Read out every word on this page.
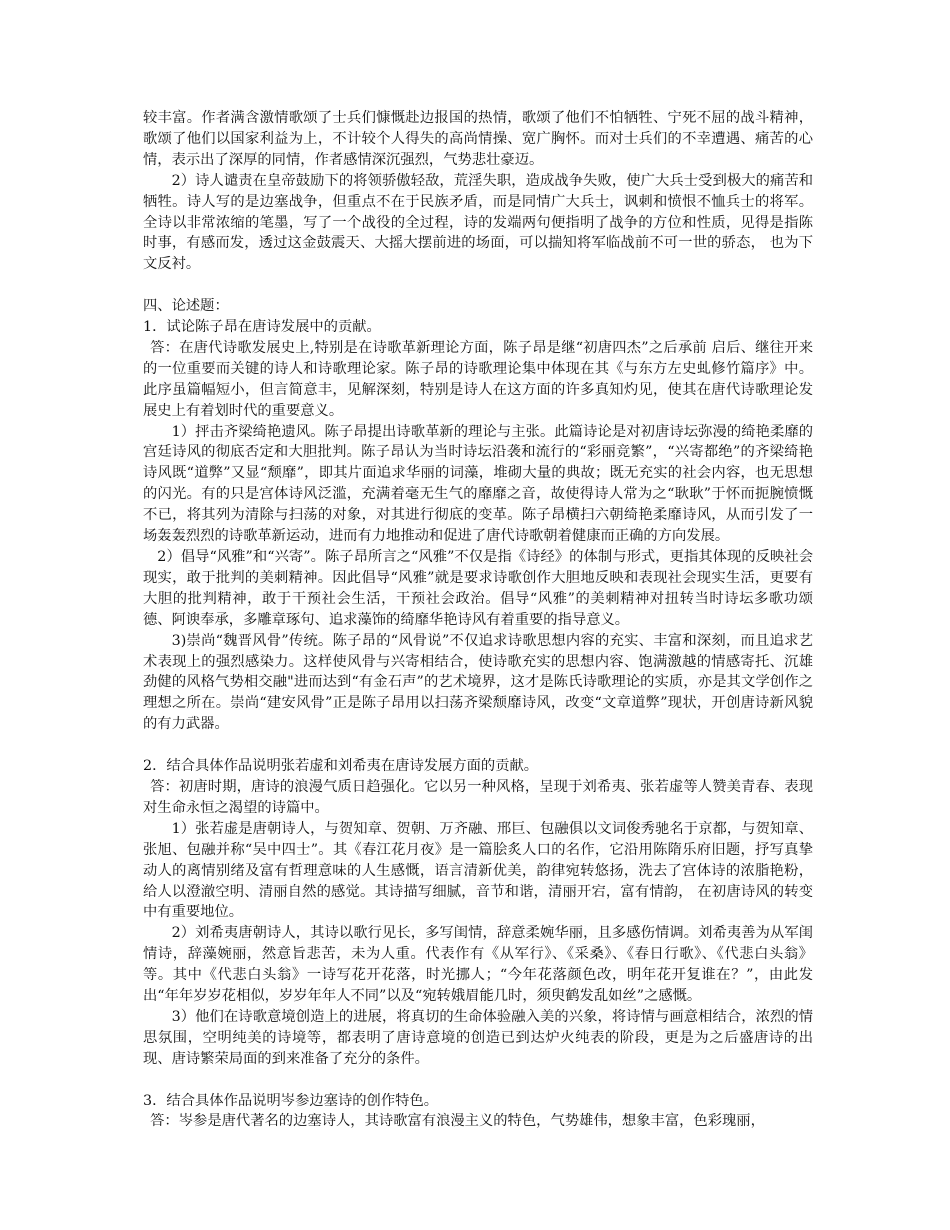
较丰富。作者满含激情歌颂了士兵们慷慨赴边报国的热情，歌颂了他们不怕牺牲、宁死不屈的战斗精神，歌颂了他们以国家利益为上，不计较个人得失的高尚情操、宽广胸怀。而对士兵们的不幸遭遇、痛苦的心情，表示出了深厚的同情，作者感情深沉强烈，气势悲壮豪迈。

2）诗人谴责在皇帝鼓励下的将领骄傲轻敌，荒淫失职，造成战争失败，使广大兵士受到极大的痛苦和牺牲。诗人写的是边塞战争，但重点不在于民族矛盾，而是同情广大兵士，讽刺和愤恨不恤兵士的将军。全诗以非常浓缩的笔墨，写了一个战役的全过程，诗的发端两句便指明了战争的方位和性质，见得是指陈时事，有感而发，透过这金鼓震天、大摇大摆前进的场面，可以揣知将军临战前不可一世的骄态， 也为下文反衬。

四、论述题：

1．试论陈子昂在唐诗发展中的贡献。

答：在唐代诗歌发展史上,特别是在诗歌革新理论方面，陈子昂是继“初唐四杰”之后承前 启后、继往开来的一位重要而关键的诗人和诗歌理论家。陈子昂的诗歌理论集中体现在其《与东方左史虬修竹篇序》中。此序虽篇幅短小，但言简意丰，见解深刻，特别是诗人在这方面的许多真知灼见，使其在唐代诗歌理论发展史上有着划时代的重要意义。

1）抨击齐梁绮艳遗风。陈子昂提出诗歌革新的理论与主张。此篇诗论是对初唐诗坛弥漫的绮艳柔靡的宫廷诗风的彻底否定和大胆批判。陈子昂认为当时诗坛沿袭和流行的“彩丽竞繁”，“兴寄都绝”的齐梁绮艳诗风既“道弊”又显“颓靡”，即其片面追求华丽的词藻，堆砌大量的典故；既无充实的社会内容，也无思想的闪光。有的只是宫体诗风泛滥，充满着毫无生气的靡靡之音，故使得诗人常为之“耿耿”于怀而扼腕愤慨不已，将其列为清除与扫荡的对象，对其进行彻底的变革。陈子昂横扫六朝绮艳柔靡诗风，从而引发了一场轰轰烈烈的诗歌革新运动，进而有力地推动和促进了唐代诗歌朝着健康而正确的方向发展。

2）倡导“风雅”和“兴寄”。陈子昂所言之“风雅”不仅是指《诗经》的体制与形式，更指其体现的反映社会现实，敢于批判的美刺精神。因此倡导“风雅”就是要求诗歌创作大胆地反映和表现社会现实生活，更要有大胆的批判精神，敢于干预社会生活，干预社会政治。倡导“风雅”的美刺精神对扭转当时诗坛多歌功颂德、阿谀奉承，多雕章琢句、追求藻饰的绮靡华艳诗风有着重要的指导意义。

3)崇尚“魏晋风骨”传统。陈子昂的“风骨说”不仅追求诗歌思想内容的充实、丰富和深刻，而且追求艺术表现上的强烈感染力。这样使风骨与兴寄相结合，使诗歌充实的思想内容、饱满激越的情感寄托、沉雄劲健的风格气势相交融"进而达到“有金石声”的艺术境界，这才是陈氏诗歌理论的实质，亦是其文学创作之理想之所在。崇尚“建安风骨”正是陈子昂用以扫荡齐梁颓靡诗风，改变“文章道弊”现状，开创唐诗新风貌的有力武器。

2．结合具体作品说明张若虚和刘希夷在唐诗发展方面的贡献。

答：初唐时期，唐诗的浪漫气质日趋强化。它以另一种风格，呈现于刘希夷、张若虚等人赞美青春、表现对生命永恒之渴望的诗篇中。

1）张若虚是唐朝诗人，与贺知章、贺朝、万齐融、邢巨、包融俱以文词俊秀驰名于京都，与贺知章、张旭、包融并称“吴中四士”。其《春江花月夜》是一篇脍炙人口的名作，它沿用陈隋乐府旧题，抒写真挚动人的离情别绪及富有哲理意味的人生感慨，语言清新优美，韵律宛转悠扬，洗去了宫体诗的浓脂艳粉，给人以澄澈空明、清丽自然的感觉。其诗描写细腻，音节和谐，清丽开宕，富有情韵， 在初唐诗风的转变中有重要地位。

2）刘希夷唐朝诗人，其诗以歌行见长，多写闺情，辞意柔婉华丽，且多感伤情调。刘希夷善为从军闺情诗，辞藻婉丽，然意旨悲苦，未为人重。代表作有《从军行》、《采桑》、《春日行歌》、《代悲白头翁》等。其中《代悲白头翁》一诗写花开花落，时光挪人；“今年花落颜色改，明年花开复谁在？”，由此发出“年年岁岁花相似，岁岁年年人不同”以及“宛转娥眉能几时，须臾鹤发乱如丝”之感慨。

3）他们在诗歌意境创造上的进展，将真切的生命体验融入美的兴象，将诗情与画意相结合，浓烈的情思氛围，空明纯美的诗境等，都表明了唐诗意境的创造已到达炉火纯表的阶段，更是为之后盛唐诗的出现、唐诗繁荣局面的到来准备了充分的条件。

3．结合具体作品说明岑参边塞诗的创作特色。

答：岑参是唐代著名的边塞诗人，其诗歌富有浪漫主义的特色，气势雄伟，想象丰富，色彩瑰丽，
